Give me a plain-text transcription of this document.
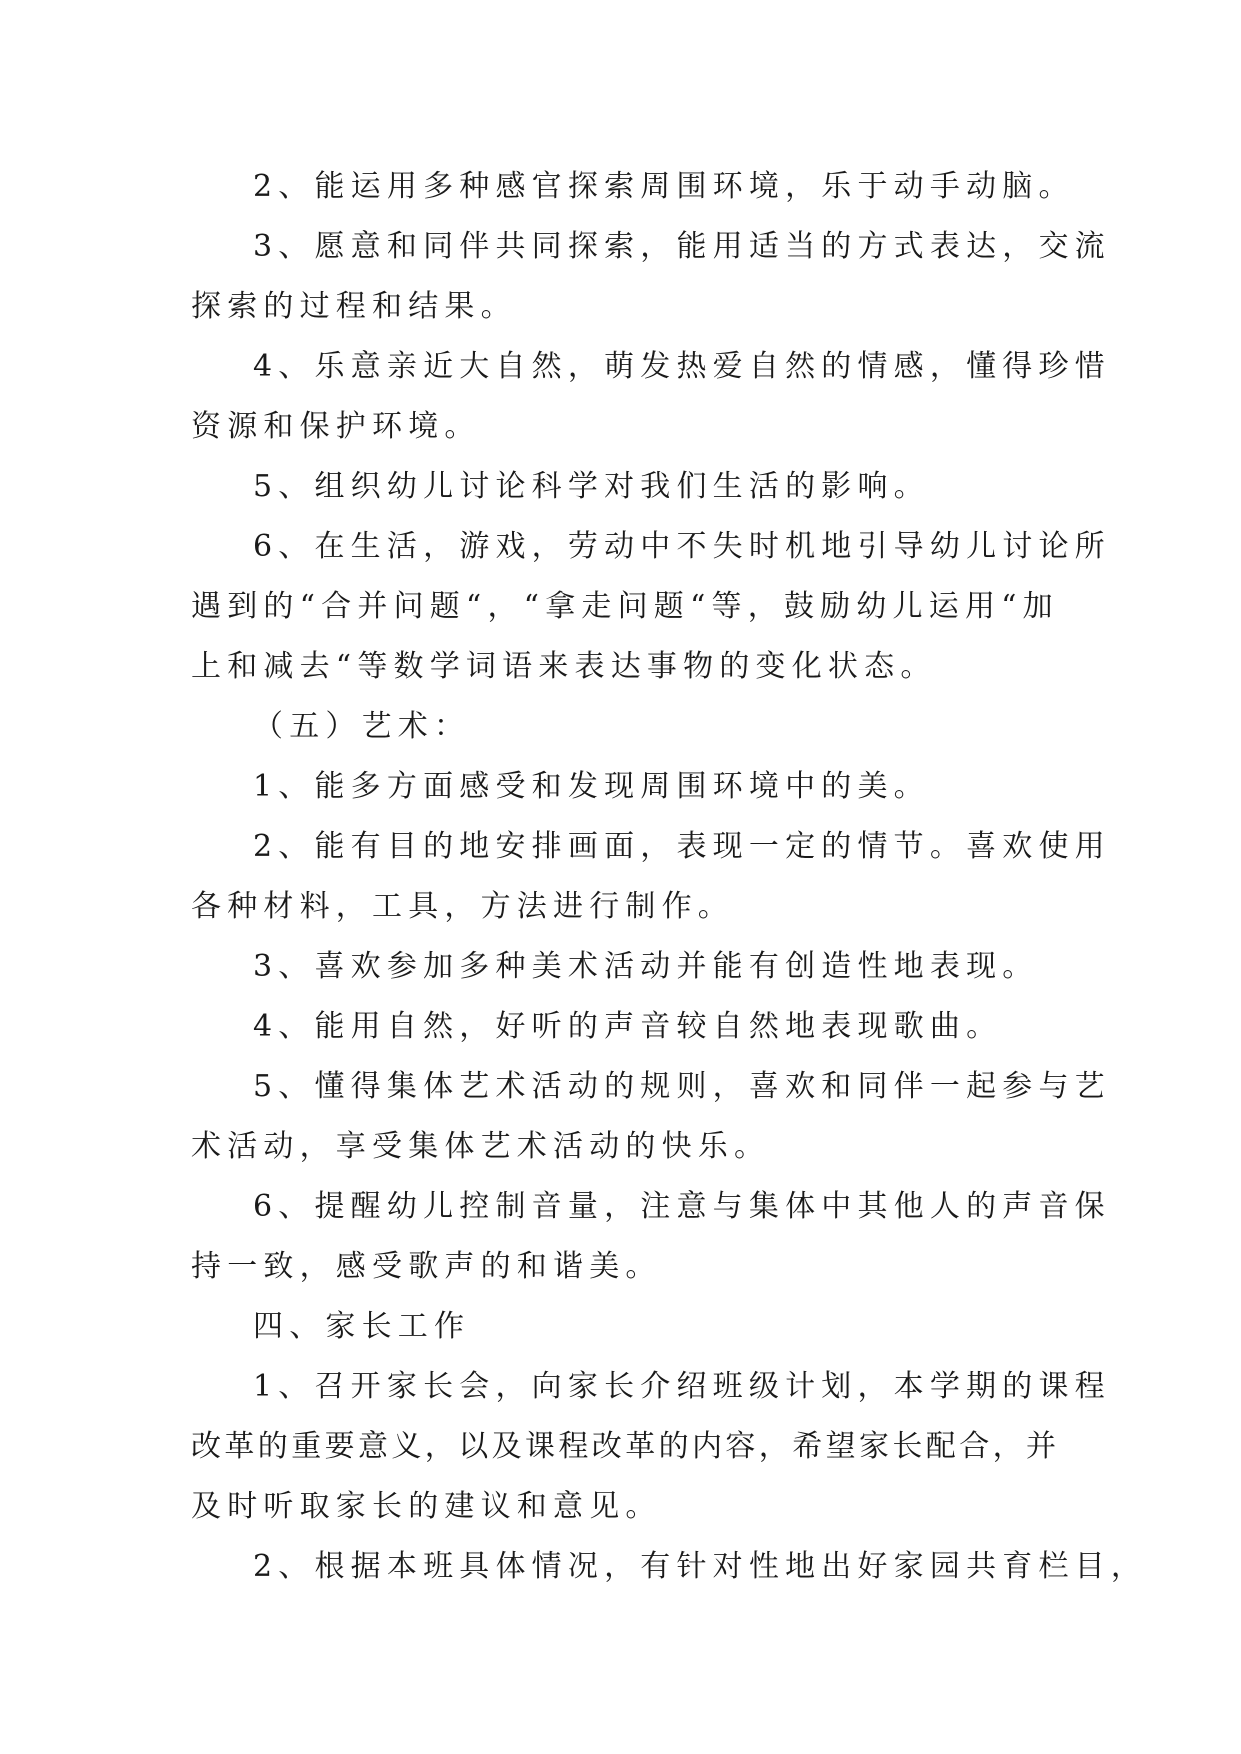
2、能运用多种感官探索周围环境，乐于动手动脑。
3、愿意和同伴共同探索，能用适当的方式表达，交流
探索的过程和结果。
4、乐意亲近大自然，萌发热爱自然的情感，懂得珍惜
资源和保护环境。
5、组织幼儿讨论科学对我们生活的影响。
6、在生活，游戏，劳动中不失时机地引导幼儿讨论所
遇到的“合并问题“，“拿走问题“等，鼓励幼儿运用“加
上和减去“等数学词语来表达事物的变化状态。
（五）艺术：
1、能多方面感受和发现周围环境中的美。
2、能有目的地安排画面，表现一定的情节。喜欢使用
各种材料，工具，方法进行制作。
3、喜欢参加多种美术活动并能有创造性地表现。
4、能用自然，好听的声音较自然地表现歌曲。
5、懂得集体艺术活动的规则，喜欢和同伴一起参与艺
术活动，享受集体艺术活动的快乐。
6、提醒幼儿控制音量，注意与集体中其他人的声音保
持一致，感受歌声的和谐美。
四、家长工作
1、召开家长会，向家长介绍班级计划，本学期的课程
改革的重要意义，以及课程改革的内容，希望家长配合，并
及时听取家长的建议和意见。
2、根据本班具体情况，有针对性地出好家园共育栏目，
